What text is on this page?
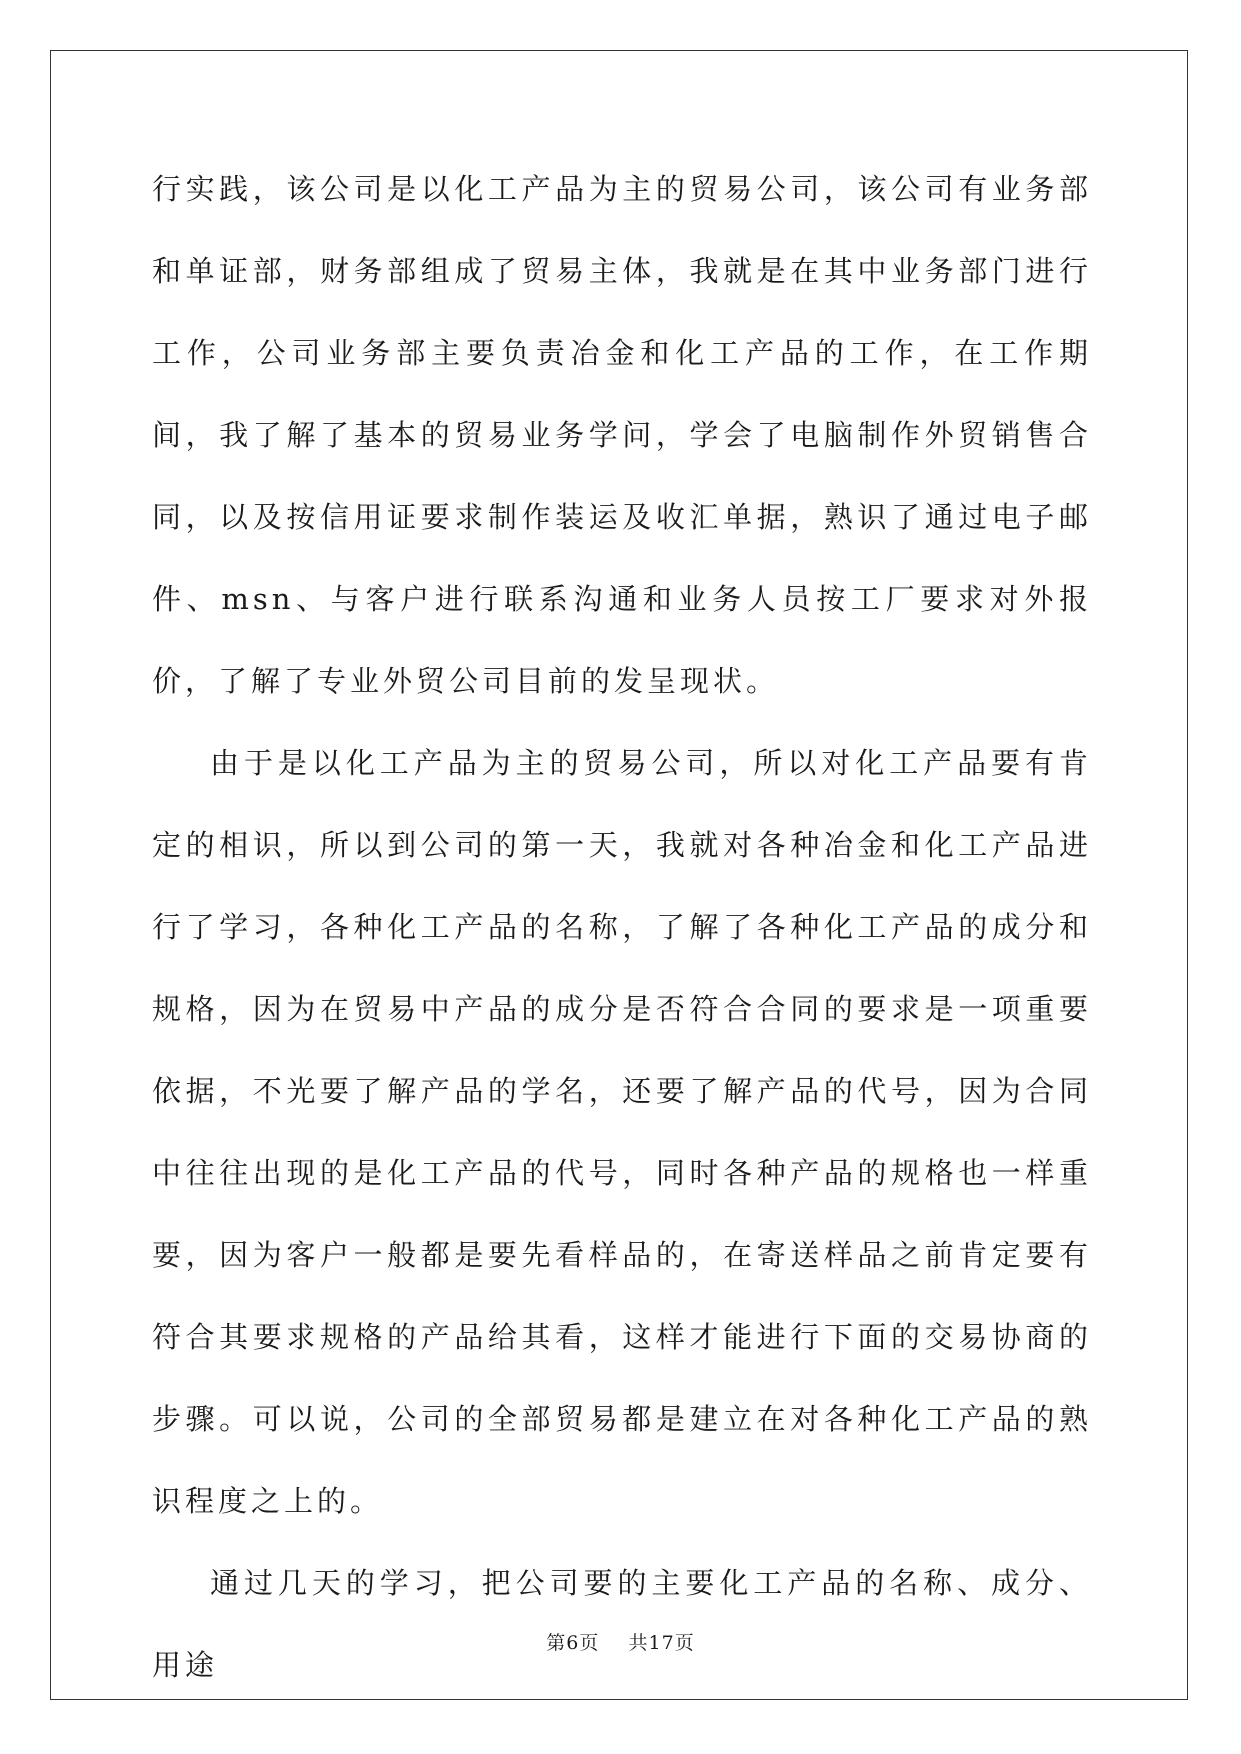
行实践，该公司是以化工产品为主的贸易公司，该公司有业务部和单证部，财务部组成了贸易主体，我就是在其中业务部门进行工作，公司业务部主要负责冶金和化工产品的工作，在工作期间，我了解了基本的贸易业务学问，学会了电脑制作外贸销售合同，以及按信用证要求制作装运及收汇单据，熟识了通过电子邮件、msn、与客户进行联系沟通和业务人员按工厂要求对外报价，了解了专业外贸公司目前的发呈现状。

由于是以化工产品为主的贸易公司，所以对化工产品要有肯定的相识，所以到公司的第一天，我就对各种冶金和化工产品进行了学习，各种化工产品的名称，了解了各种化工产品的成分和规格，因为在贸易中产品的成分是否符合合同的要求是一项重要依据，不光要了解产品的学名，还要了解产品的代号，因为合同中往往出现的是化工产品的代号，同时各种产品的规格也一样重要，因为客户一般都是要先看样品的，在寄送样品之前肯定要有符合其要求规格的产品给其看，这样才能进行下面的交易协商的步骤。可以说，公司的全部贸易都是建立在对各种化工产品的熟识程度之上的。

通过几天的学习，把公司要的主要化工产品的名称、成分、用途

第6页 共17页
